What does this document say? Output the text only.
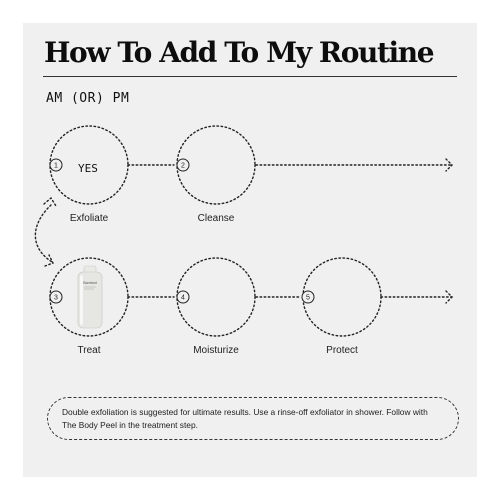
How To Add To My Routine
AM (OR) PM
1	2
3	4	5
Bamford
YES
Exfoliate	Cleanse
Treat	Moisturize	Protect
Double exfoliation is suggested for ultimate results. Use a rinse-off exfoliator in shower. Follow with The Body Peel in the treatment step.
